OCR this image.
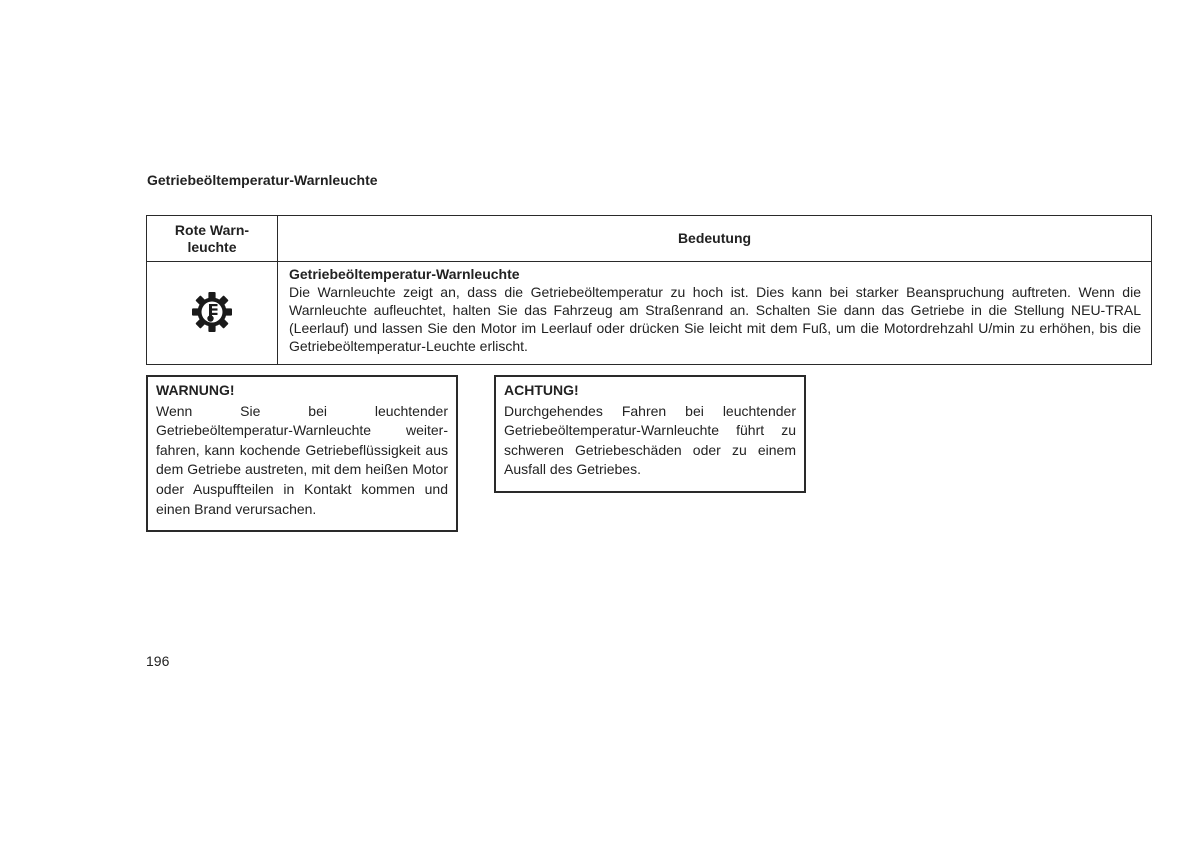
Getriebeöltemperatur-Warnleuchte
Rote Warn-
leuchte	Bedeutung

Getriebeöltemperatur-Warnleuchte
Die Warnleuchte zeigt an, dass die Getriebeöltemperatur zu hoch ist. Dies kann bei starker Beanspruchung auftreten. Wenn die Warnleuchte aufleuchtet, halten Sie das Fahrzeug am Straßenrand an. Schalten Sie dann das Getriebe in die Stellung NEU-TRAL (Leerlauf) und lassen Sie den Motor im Leerlauf oder drücken Sie leicht mit dem Fuß, um die Motordrehzahl U/min zu erhöhen, bis die Getriebeöltemperatur-Leuchte erlischt.
WARNUNG!
Wenn Sie bei leuchtender Getriebeöltemperatur-Warnleuchte weiter-fahren, kann kochende Getriebeflüssigkeit aus dem Getriebe austreten, mit dem heißen Motor oder Auspuffteilen in Kontakt kommen und einen Brand verursachen.
ACHTUNG!
Durchgehendes Fahren bei leuchtender Getriebeöltemperatur-Warnleuchte führt zu schweren Getriebeschäden oder zu einem Ausfall des Getriebes.
196
